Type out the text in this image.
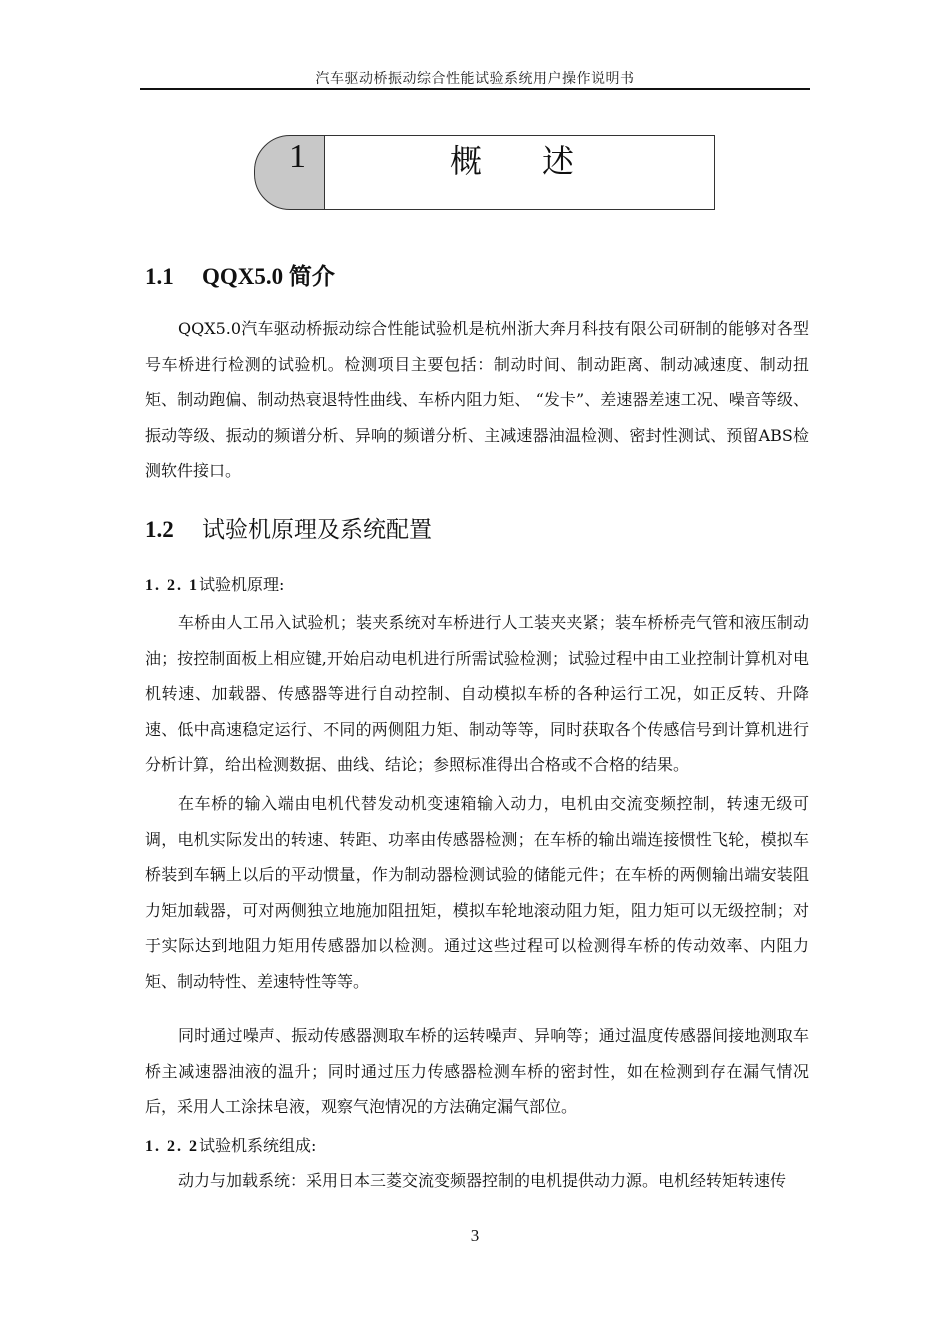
汽车驱动桥振动综合性能试验系统用户操作说明书
1	概述
1.1 QQX5.0 简介
QQX5.0汽车驱动桥振动综合性能试验机是杭州浙大奔月科技有限公司研制的能够对各型号车桥进行检测的试验机。检测项目主要包括：制动时间、制动距离、制动减速度、制动扭矩、制动跑偏、制动热衰退特性曲线、车桥内阻力矩、 “发卡”、差速器差速工况、噪音等级、振动等级、振动的频谱分析、异响的频谱分析、主减速器油温检测、密封性测试、预留ABS检测软件接口。
1.2 试验机原理及系统配置
1. 2. 1试验机原理:
车桥由人工吊入试验机；装夹系统对车桥进行人工装夹夹紧；装车桥桥壳气管和液压制动油；按控制面板上相应键,开始启动电机进行所需试验检测；试验过程中由工业控制计算机对电机转速、加载器、传感器等进行自动控制、自动模拟车桥的各种运行工况，如正反转、升降速、低中高速稳定运行、不同的两侧阻力矩、制动等等，同时获取各个传感信号到计算机进行分析计算，给出检测数据、曲线、结论；参照标准得出合格或不合格的结果。
在车桥的输入端由电机代替发动机变速箱输入动力，电机由交流变频控制，转速无级可调，电机实际发出的转速、转距、功率由传感器检测；在车桥的输出端连接惯性飞轮，模拟车桥装到车辆上以后的平动惯量，作为制动器检测试验的储能元件；在车桥的两侧输出端安装阻力矩加载器，可对两侧独立地施加阻扭矩，模拟车轮地滚动阻力矩，阻力矩可以无级控制；对于实际达到地阻力矩用传感器加以检测。通过这些过程可以检测得车桥的传动效率、内阻力矩、制动特性、差速特性等等。
同时通过噪声、振动传感器测取车桥的运转噪声、异响等；通过温度传感器间接地测取车桥主减速器油液的温升；同时通过压力传感器检测车桥的密封性，如在检测到存在漏气情况后，采用人工涂抹皂液，观察气泡情况的方法确定漏气部位。
1. 2. 2试验机系统组成:
动力与加载系统：采用日本三菱交流变频器控制的电机提供动力源。电机经转矩转速传
3
